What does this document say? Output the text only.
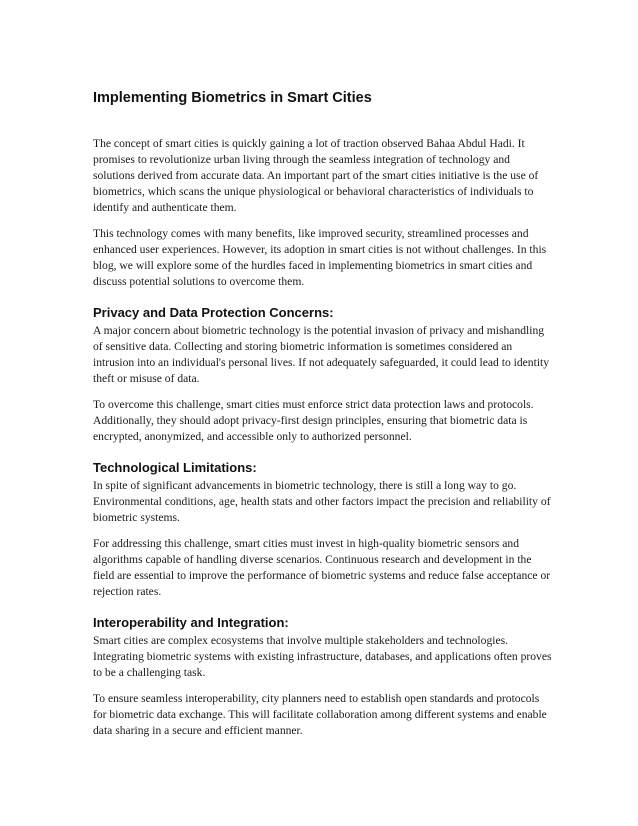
Implementing Biometrics in Smart Cities

The concept of smart cities is quickly gaining a lot of traction observed Bahaa Abdul Hadi. It promises to revolutionize urban living through the seamless integration of technology and solutions derived from accurate data. An important part of the smart cities initiative is the use of biometrics, which scans the unique physiological or behavioral characteristics of individuals to identify and authenticate them.

This technology comes with many benefits, like improved security, streamlined processes and enhanced user experiences. However, its adoption in smart cities is not without challenges. In this blog, we will explore some of the hurdles faced in implementing biometrics in smart cities and discuss potential solutions to overcome them.

Privacy and Data Protection Concerns:

A major concern about biometric technology is the potential invasion of privacy and mishandling of sensitive data. Collecting and storing biometric information is sometimes considered an intrusion into an individual's personal lives. If not adequately safeguarded, it could lead to identity theft or misuse of data.

To overcome this challenge, smart cities must enforce strict data protection laws and protocols. Additionally, they should adopt privacy-first design principles, ensuring that biometric data is encrypted, anonymized, and accessible only to authorized personnel.

Technological Limitations:

In spite of significant advancements in biometric technology, there is still a long way to go. Environmental conditions, age, health stats and other factors impact the precision and reliability of biometric systems.

For addressing this challenge, smart cities must invest in high-quality biometric sensors and algorithms capable of handling diverse scenarios. Continuous research and development in the field are essential to improve the performance of biometric systems and reduce false acceptance or rejection rates.

Interoperability and Integration:

Smart cities are complex ecosystems that involve multiple stakeholders and technologies. Integrating biometric systems with existing infrastructure, databases, and applications often proves to be a challenging task.

To ensure seamless interoperability, city planners need to establish open standards and protocols for biometric data exchange. This will facilitate collaboration among different systems and enable data sharing in a secure and efficient manner.
